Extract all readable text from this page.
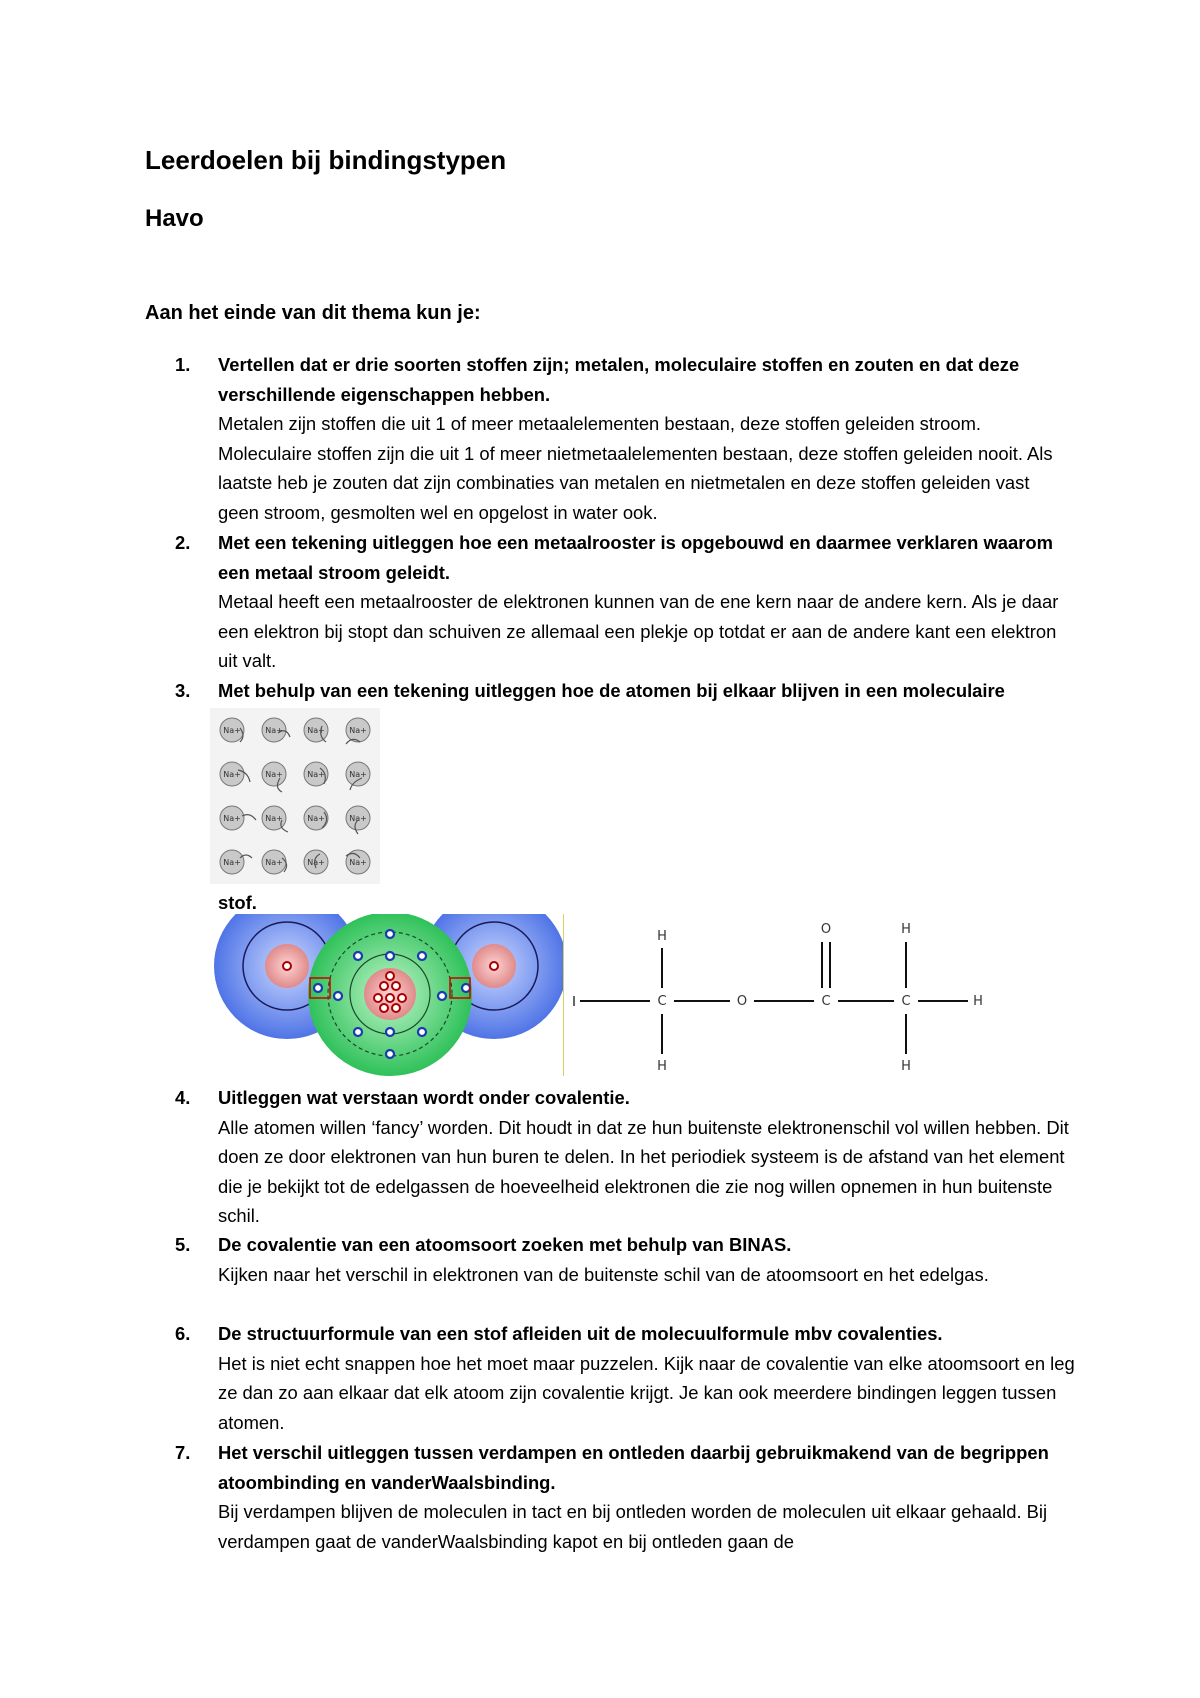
Leerdoelen bij bindingstypen
Havo

Aan het einde van dit thema kun je:

1. Vertellen dat er drie soorten stoffen zijn; metalen, moleculaire stoffen en zouten en dat deze verschillende eigenschappen hebben.
Metalen zijn stoffen die uit 1 of meer metaalelementen bestaan, deze stoffen geleiden stroom. Moleculaire stoffen zijn die uit 1 of meer nietmetaalelementen bestaan, deze stoffen geleiden nooit. Als laatste heb je zouten dat zijn combinaties van metalen en nietmetalen en deze stoffen geleiden vast geen stroom, gesmolten wel en opgelost in water ook.
2. Met een tekening uitleggen hoe een metaalrooster is opgebouwd en daarmee verklaren waarom een metaal stroom geleidt.
Metaal heeft een metaalrooster de elektronen kunnen van de ene kern naar de andere kern. Als je daar een elektron bij stopt dan schuiven ze allemaal een plekje op totdat er aan de andere kant een elektron uit valt.
3. Met behulp van een tekening uitleggen hoe de atomen bij elkaar blijven in een moleculaire
Na+	Na+	Na+	Na+
Na+	Na+	Na+	Na+
Na+	Na+	Na+	Na+
Na+	Na+	Na+	Na+
stof.
H	O	H
C	O	C	C
H	H
H
4. Uitleggen wat verstaan wordt onder covalentie.
Alle atomen willen ‘fancy’ worden. Dit houdt in dat ze hun buitenste elektronenschil vol willen hebben. Dit doen ze door elektronen van hun buren te delen. In het periodiek systeem is de afstand van het element die je bekijkt tot de edelgassen de hoeveelheid elektronen die zie nog willen opnemen in hun buitenste schil.
5. De covalentie van een atoomsoort zoeken met behulp van BINAS.
Kijken naar het verschil in elektronen van de buitenste schil van de atoomsoort en het edelgas.
6. De structuurformule van een stof afleiden uit de molecuulformule mbv covalenties.
Het is niet echt snappen hoe het moet maar puzzelen. Kijk naar de covalentie van elke atoomsoort en leg ze dan zo aan elkaar dat elk atoom zijn covalentie krijgt. Je kan ook meerdere bindingen leggen tussen atomen.
7. Het verschil uitleggen tussen verdampen en ontleden daarbij gebruikmakend van de begrippen atoombinding en vanderWaalsbinding.
Bij verdampen blijven de moleculen in tact en bij ontleden worden de moleculen uit elkaar gehaald. Bij verdampen gaat de vanderWaalsbinding kapot en bij ontleden gaan de
